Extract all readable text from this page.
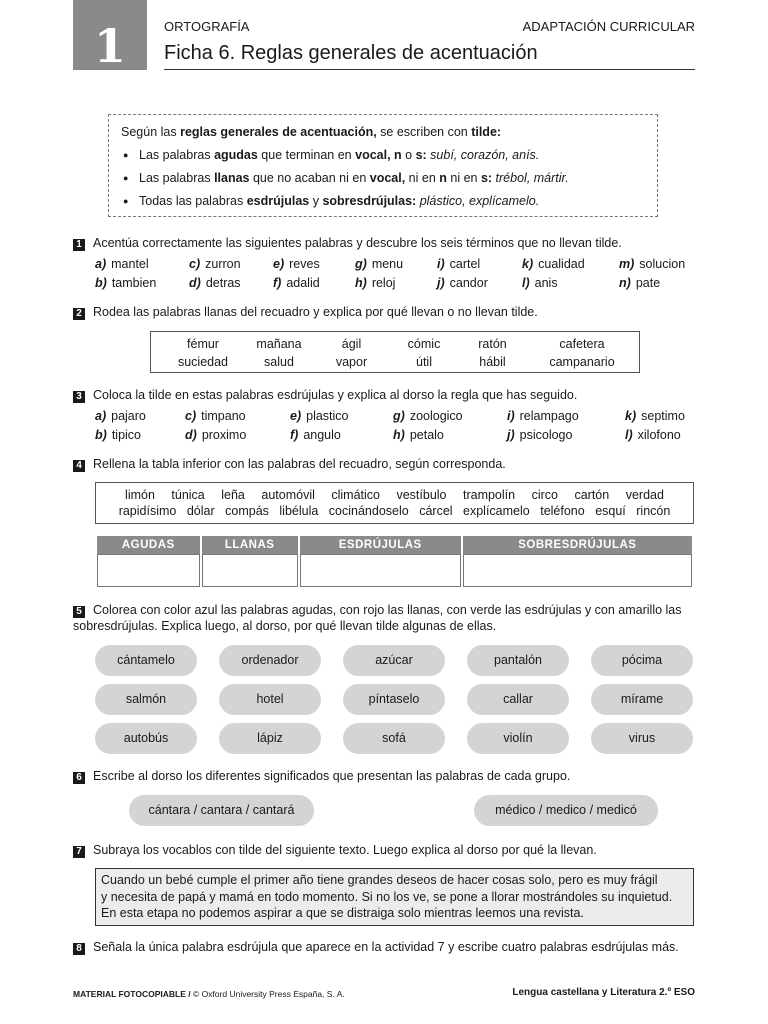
1	ORTOGRAFÍA	ADAPTACIÓN CURRICULAR
Ficha 6. Reglas generales de acentuación
Según las reglas generales de acentuación, se escriben con tilde:
● Las palabras agudas que terminan en vocal, n o s: subí, corazón, anís.
● Las palabras llanas que no acaban ni en vocal, ni en n ni en s: trébol, mártir.
● Todas las palabras esdrújulas y sobresdrújulas: plástico, explícamelo.
1 Acentúa correctamente las siguientes palabras y descubre los seis términos que no llevan tilde.
a) mantel	c) zurron	e) reves	g) menu	i) cartel	k) cualidad	m) solucion
b) tambien	d) detras	f) adalid	h) reloj	j) candor	l) anis	n) pate
2 Rodea las palabras llanas del recuadro y explica por qué llevan o no llevan tilde.
fémur	mañana	ágil	cómic	ratón	cafetera
suciedad	salud	vapor	útil	hábil	campanario
3 Coloca la tilde en estas palabras esdrújulas y explica al dorso la regla que has seguido.
a) pajaro	c) timpano	e) plastico	g) zoologico	i) relampago	k) septimo
b) tipico	d) proximo	f) angulo	h) petalo	j) psicologo	l) xilofono
4 Rellena la tabla inferior con las palabras del recuadro, según corresponda.
limón túnica leña automóvil climático vestíbulo trampolín circo cartón verdad
rapidísimo dólar compás libélula cocinándoselo cárcel explícamelo teléfono esquí rincón
AGUDAS	LLANAS	ESDRÚJULAS	SOBRESDRÚJULAS

5 Colorea con color azul las palabras agudas, con rojo las llanas, con verde las esdrújulas y con amarillo las sobresdrújulas. Explica luego, al dorso, por qué llevan tilde algunas de ellas.
cántamelo	ordenador	azúcar	pantalón	pócima
salmón	hotel	píntaselo	callar	mírame
autobús	lápiz	sofá	violín	virus
6 Escribe al dorso los diferentes significados que presentan las palabras de cada grupo.
cántara / cantara / cantará	médico / medico / medicó
7 Subraya los vocablos con tilde del siguiente texto. Luego explica al dorso por qué la llevan.
Cuando un bebé cumple el primer año tiene grandes deseos de hacer cosas solo, pero es muy frágil
y necesita de papá y mamá en todo momento. Si no los ve, se pone a llorar mostrándoles su inquietud.
En esta etapa no podemos aspirar a que se distraiga solo mientras leemos una revista.
8 Señala la única palabra esdrújula que aparece en la actividad 7 y escribe cuatro palabras esdrújulas más.
MATERIAL FOTOCOPIABLE / © Oxford University Press España, S. A.	Lengua castellana y Literatura 2.º ESO
